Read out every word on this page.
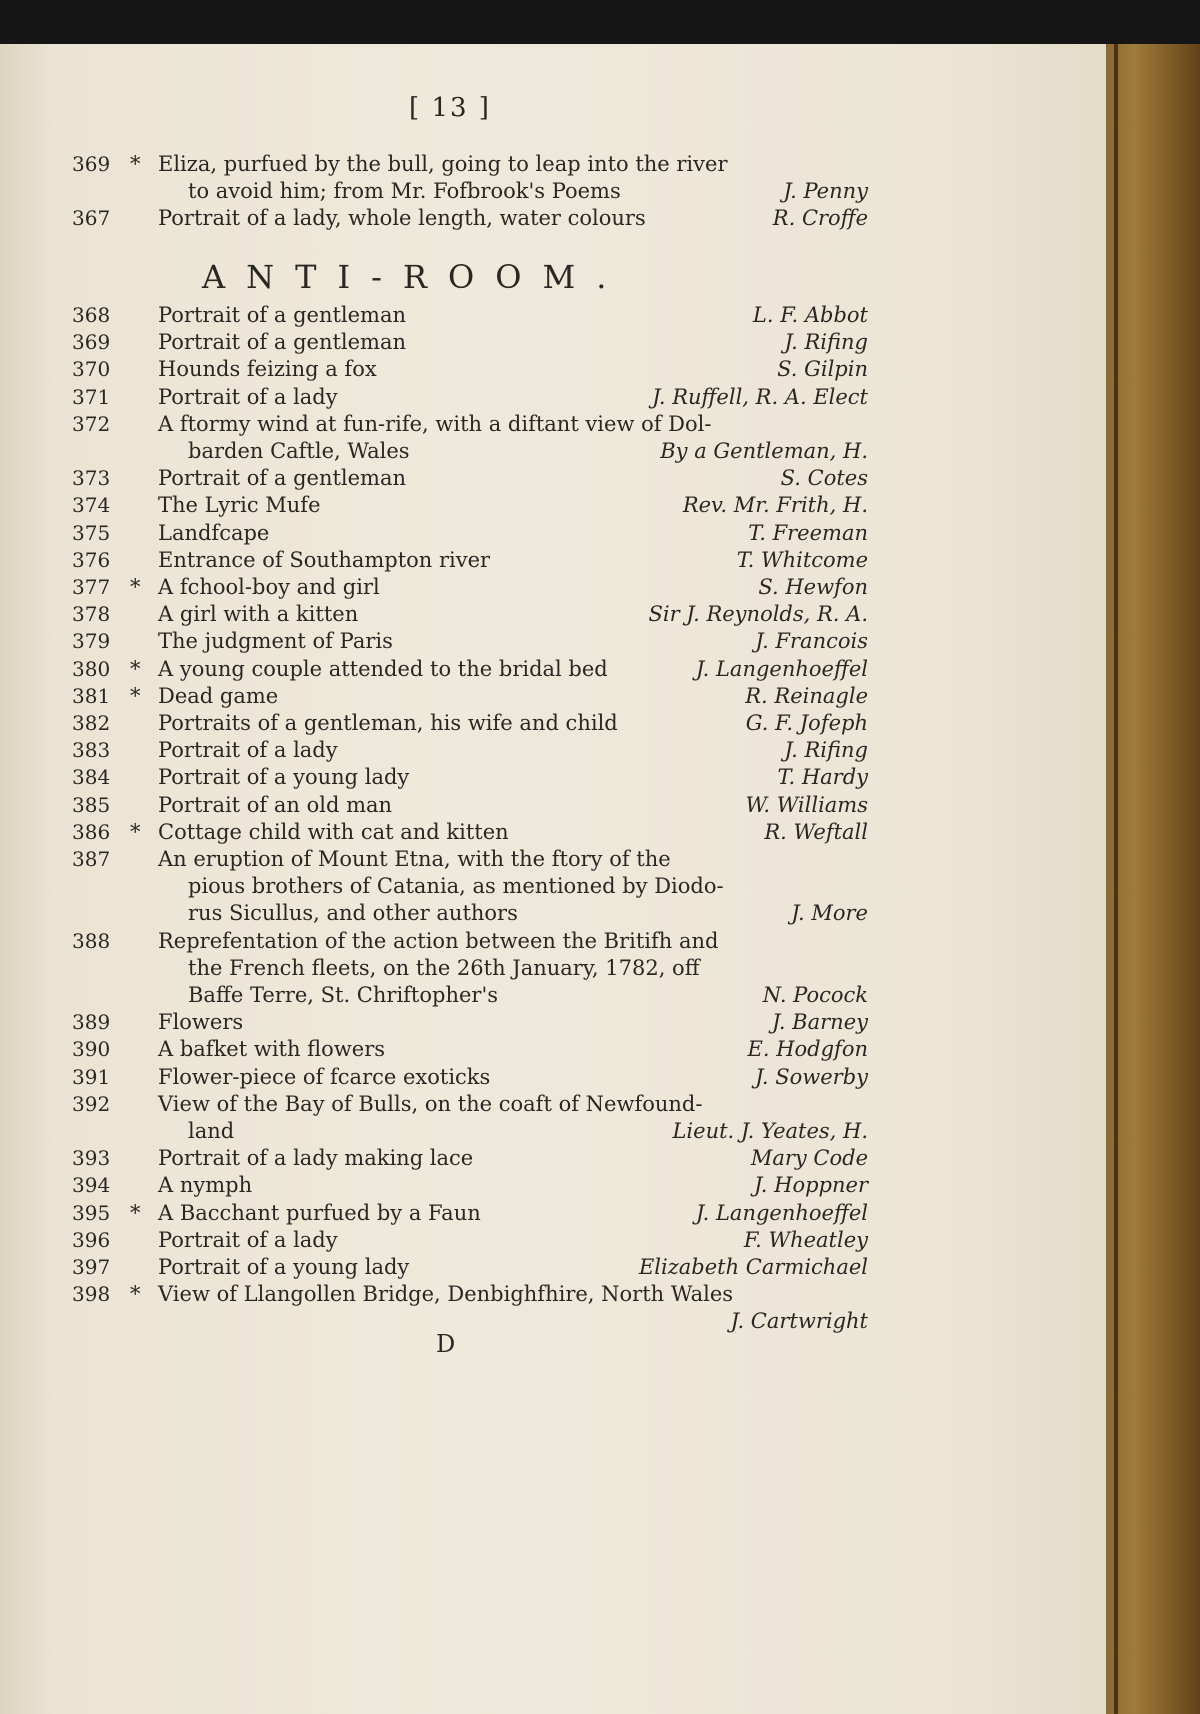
[ 13 ]
ANTI-ROOM.
369 * Eliza, purfued by the bull, going to leap into the river
to avoid him; from Mr. Fofbrook's Poems	J. Penny
367 Portrait of a lady, whole length, water colours	R. Croffe
368 Portrait of a gentleman	L. F. Abbot
369 Portrait of a gentleman	J. Rifing
370 Hounds feizing a fox	S. Gilpin
371 Portrait of a lady	J. Ruffell, R. A. Elect
372 A ftormy wind at fun-rife, with a diftant view of Dol-
barden Caftle, Wales	By a Gentleman, H.
373 Portrait of a gentleman	S. Cotes
374 The Lyric Mufe	Rev. Mr. Frith, H.
375 Landfcape	T. Freeman
376 Entrance of Southampton river	T. Whitcome
377 * A fchool-boy and girl	S. Hewfon
378 A girl with a kitten	Sir J. Reynolds, R. A.
379 The judgment of Paris	J. Francois
380 * A young couple attended to the bridal bed	J. Langenhoeffel
381 * Dead game	R. Reinagle
382 Portraits of a gentleman, his wife and child	G. F. Jofeph
383 Portrait of a lady	J. Rifing
384 Portrait of a young lady	T. Hardy
385 Portrait of an old man	W. Williams
386 * Cottage child with cat and kitten	R. Weftall
387 An eruption of Mount Etna, with the ftory of the
pious brothers of Catania, as mentioned by Diodo-
rus Sicullus, and other authors	J. More
388 Reprefentation of the action between the Britifh and
the French fleets, on the 26th January, 1782, off
Baffe Terre, St. Chriftopher's	N. Pocock
389 Flowers	J. Barney
390 A bafket with flowers	E. Hodgfon
391 Flower-piece of fcarce exoticks	J. Sowerby
392 View of the Bay of Bulls, on the coaft of Newfound-
land	Lieut. J. Yeates, H.
393 Portrait of a lady making lace	Mary Code
394 A nymph	J. Hoppner
395 * A Bacchant purfued by a Faun	J. Langenhoeffel
396 Portrait of a lady	F. Wheatley
397 Portrait of a young lady	Elizabeth Carmichael
398 * View of Llangollen Bridge, Denbighfhire, North Wales
J. Cartwright
D
